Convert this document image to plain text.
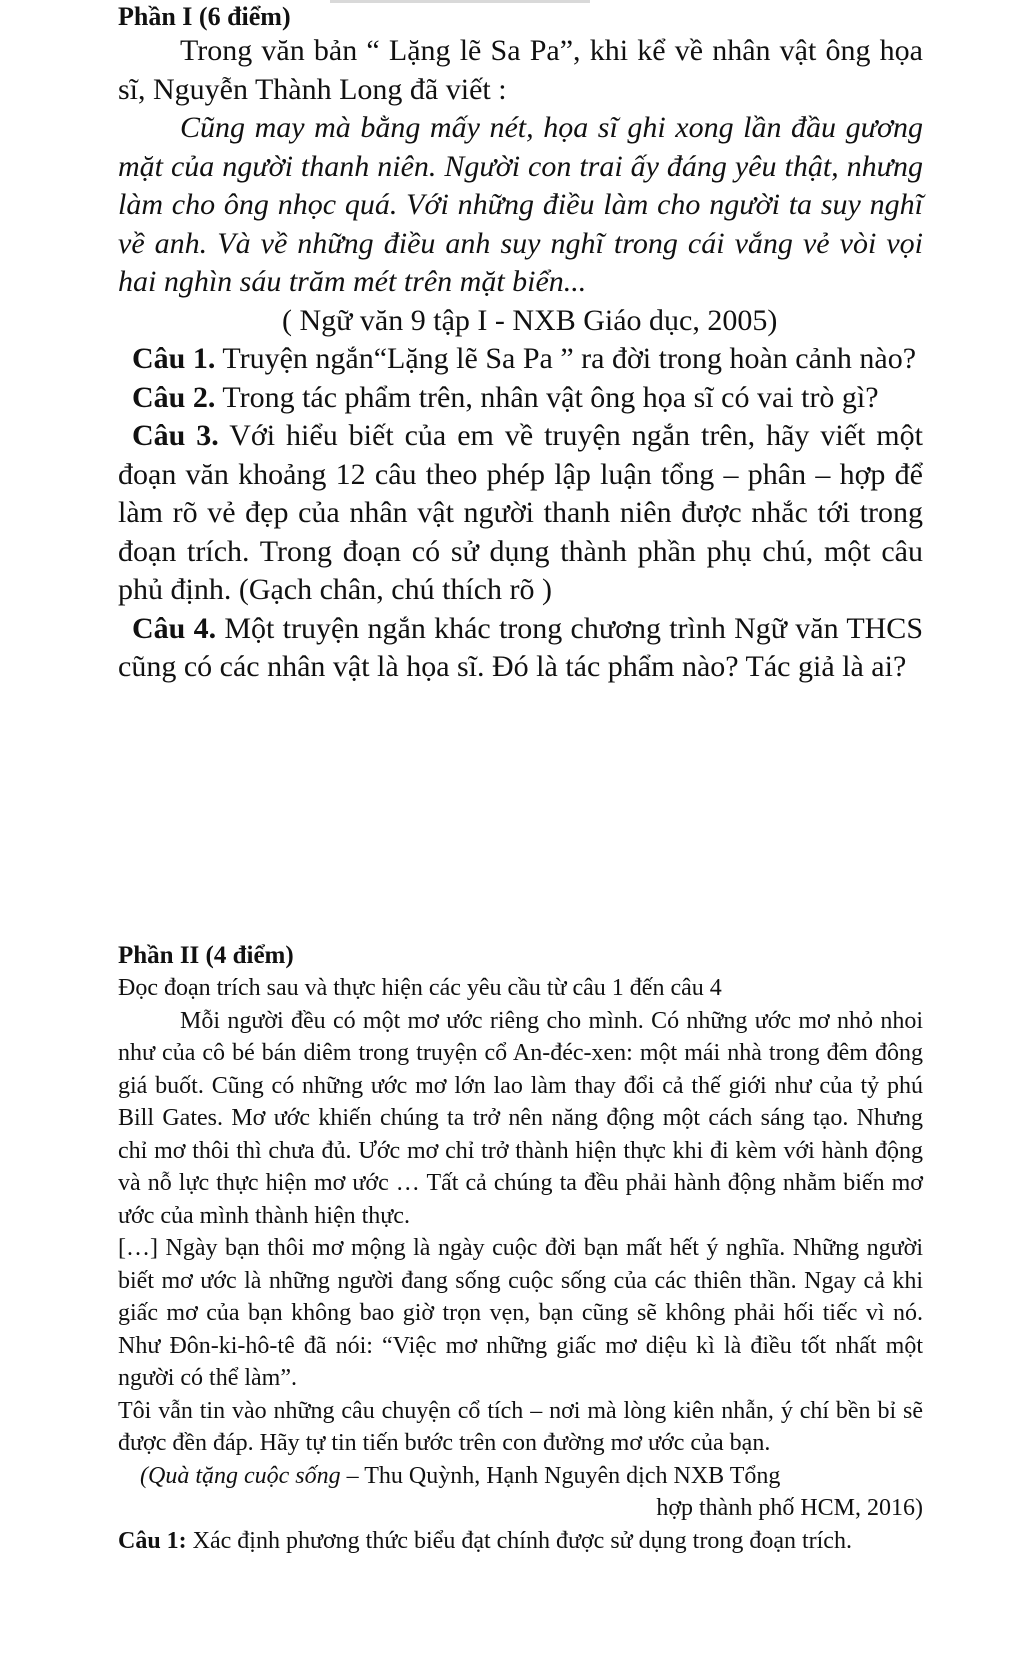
Phần I (6 điểm)

Trong văn bản “ Lặng lẽ Sa Pa”, khi kể về nhân vật ông họa sĩ, Nguyễn Thành Long đã viết :

Cũng may mà bằng mấy nét, họa sĩ ghi xong lần đầu gương mặt của người thanh niên. Người con trai ấy đáng yêu thật, nhưng làm cho ông nhọc quá. Với những điều làm cho người ta suy nghĩ về anh. Và về những điều anh suy nghĩ trong cái vắng vẻ vòi vọi hai nghìn sáu trăm mét trên mặt biển...

( Ngữ văn 9 tập I - NXB Giáo dục, 2005)

Câu 1. Truyện ngắn“Lặng lẽ Sa Pa ” ra đời trong hoàn cảnh nào?

Câu 2. Trong tác phẩm trên, nhân vật ông họa sĩ có vai trò gì?

Câu 3. Với hiểu biết của em về truyện ngắn trên, hãy viết một đoạn văn khoảng 12 câu theo phép lập luận tổng – phân – hợp để làm rõ vẻ đẹp của nhân vật người thanh niên được nhắc tới trong đoạn trích. Trong đoạn có sử dụng thành phần phụ chú, một câu phủ định. (Gạch chân, chú thích rõ )

Câu 4. Một truyện ngắn khác trong chương trình Ngữ văn THCS cũng có các nhân vật là họa sĩ. Đó là tác phẩm nào? Tác giả là ai?

Phần II (4 điểm)

Đọc đoạn trích sau và thực hiện các yêu cầu từ câu 1 đến câu 4

Mỗi người đều có một mơ ước riêng cho mình. Có những ước mơ nhỏ nhoi như của cô bé bán diêm trong truyện cổ An-đéc-xen: một mái nhà trong đêm đông giá buốt. Cũng có những ước mơ lớn lao làm thay đổi cả thế giới như của tỷ phú Bill Gates. Mơ ước khiến chúng ta trở nên năng động một cách sáng tạo. Nhưng chỉ mơ thôi thì chưa đủ. Ước mơ chỉ trở thành hiện thực khi đi kèm với hành động và nỗ lực thực hiện mơ ước … Tất cả chúng ta đều phải hành động nhằm biến mơ ước của mình thành hiện thực.

[…] Ngày bạn thôi mơ mộng là ngày cuộc đời bạn mất hết ý nghĩa. Những người biết mơ ước là những người đang sống cuộc sống của các thiên thần. Ngay cả khi giấc mơ của bạn không bao giờ trọn vẹn, bạn cũng sẽ không phải hối tiếc vì nó. Như Đôn-ki-hô-tê đã nói: “Việc mơ những giấc mơ diệu kì là điều tốt nhất một người có thể làm”.

Tôi vẫn tin vào những câu chuyện cổ tích – nơi mà lòng kiên nhẫn, ý chí bền bỉ sẽ được đền đáp. Hãy tự tin tiến bước trên con đường mơ ước của bạn.

(Quà tặng cuộc sống – Thu Quỳnh, Hạnh Nguyên dịch NXB Tổng

hợp thành phố HCM, 2016)

Câu 1: Xác định phương thức biểu đạt chính được sử dụng trong đoạn trích.
